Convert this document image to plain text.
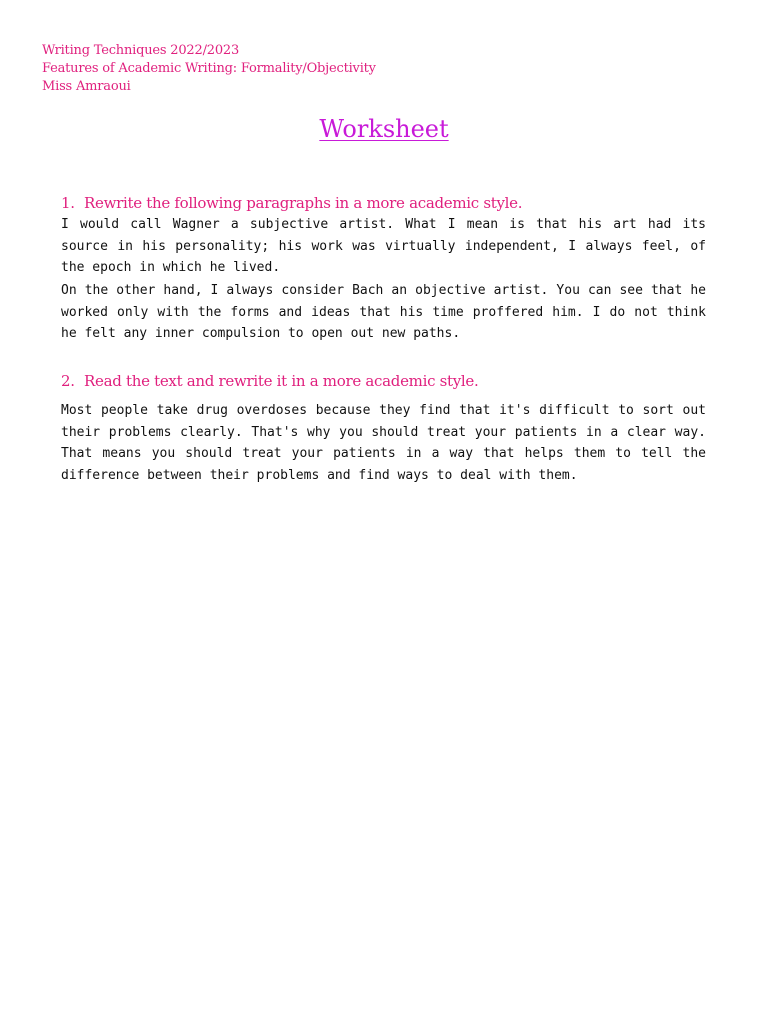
Writing Techniques 2022/2023
Features of Academic Writing: Formality/Objectivity
Miss Amraoui
Worksheet
1. Rewrite the following paragraphs in a more academic style.
I would call Wagner a subjective artist. What I mean is that his art had its source in his personality; his work was virtually independent, I always feel, of the epoch in which he lived.
On the other hand, I always consider Bach an objective artist. You can see that he worked only with the forms and ideas that his time proffered him. I do not think he felt any inner compulsion to open out new paths.
2. Read the text and rewrite it in a more academic style.
Most people take drug overdoses because they find that it's difficult to sort out their problems clearly. That's why you should treat your patients in a clear way. That means you should treat your patients in a way that helps them to tell the difference between their problems and find ways to deal with them.
